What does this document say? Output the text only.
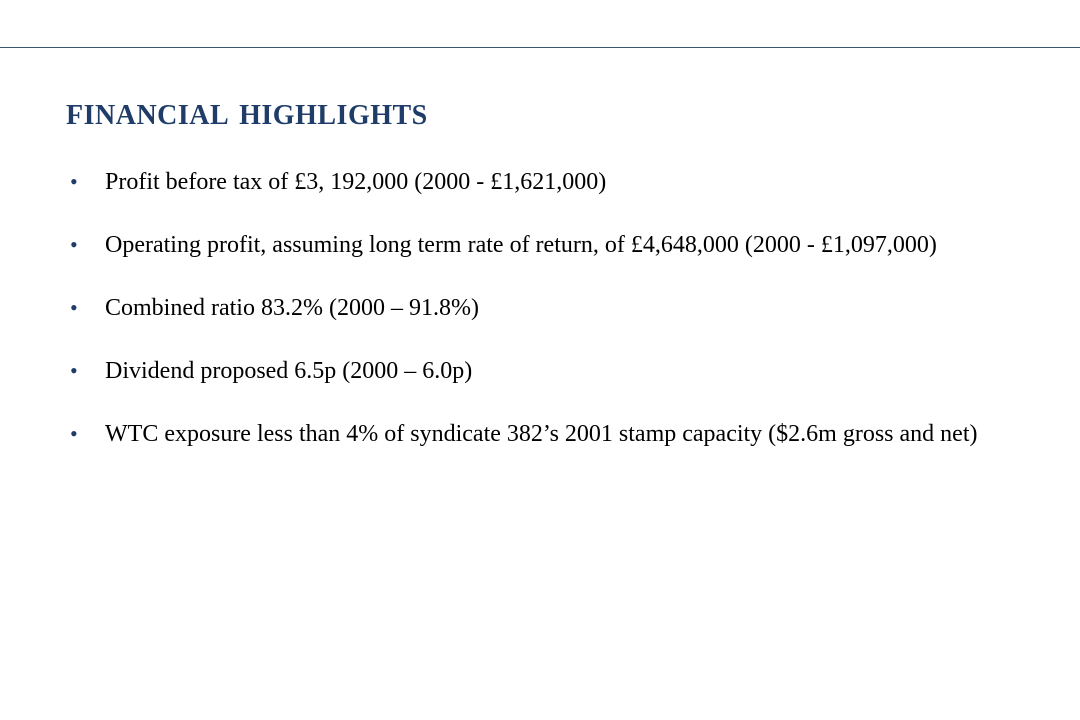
FINANCIAL HIGHLIGHTS
• Profit before tax of £3, 192,000 (2000 - £1,621,000)
• Operating profit, assuming long term rate of return, of £4,648,000 (2000 - £1,097,000)
• Combined ratio 83.2% (2000 – 91.8%)
• Dividend proposed 6.5p (2000 – 6.0p)
• WTC exposure less than 4% of syndicate 382’s 2001 stamp capacity ($2.6m gross and net)
